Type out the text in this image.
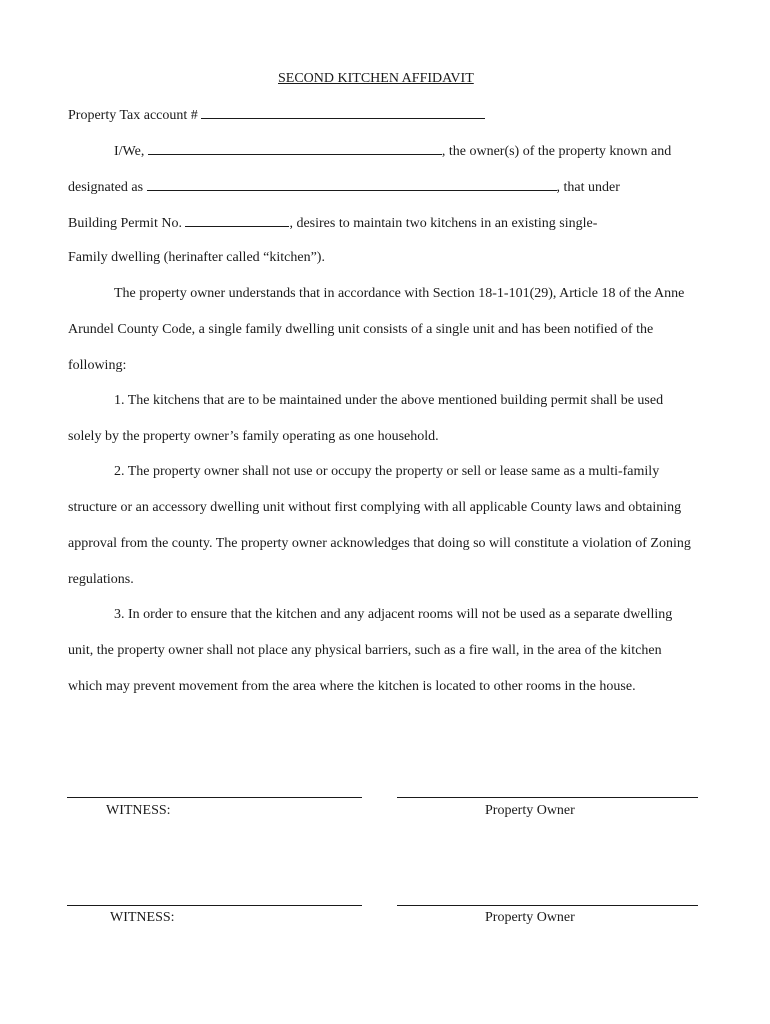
SECOND KITCHEN AFFIDAVIT
Property Tax account #
I/We,	, the owner(s) of the property known and
designated as	, that under
Building Permit No.	, desires to maintain two kitchens in an existing single-
Family dwelling (herinafter called “kitchen”).
The property owner understands that in accordance with Section 18-1-101(29), Article 18 of the Anne
Arundel County Code, a single family dwelling unit consists of a single unit and has been notified of the
following:
1. The kitchens that are to be maintained under the above mentioned building permit shall be used
solely by the property owner’s family operating as one household.
2. The property owner shall not use or occupy the property or sell or lease same as a multi-family
structure or an accessory dwelling unit without first complying with all applicable County laws and obtaining
approval from the county. The property owner acknowledges that doing so will constitute a violation of Zoning
regulations.
3. In order to ensure that the kitchen and any adjacent rooms will not be used as a separate dwelling
unit, the property owner shall not place any physical barriers, such as a fire wall, in the area of the kitchen
which may prevent movement from the area where the kitchen is located to other rooms in the house.
WITNESS:	Property Owner
WITNESS:	Property Owner
